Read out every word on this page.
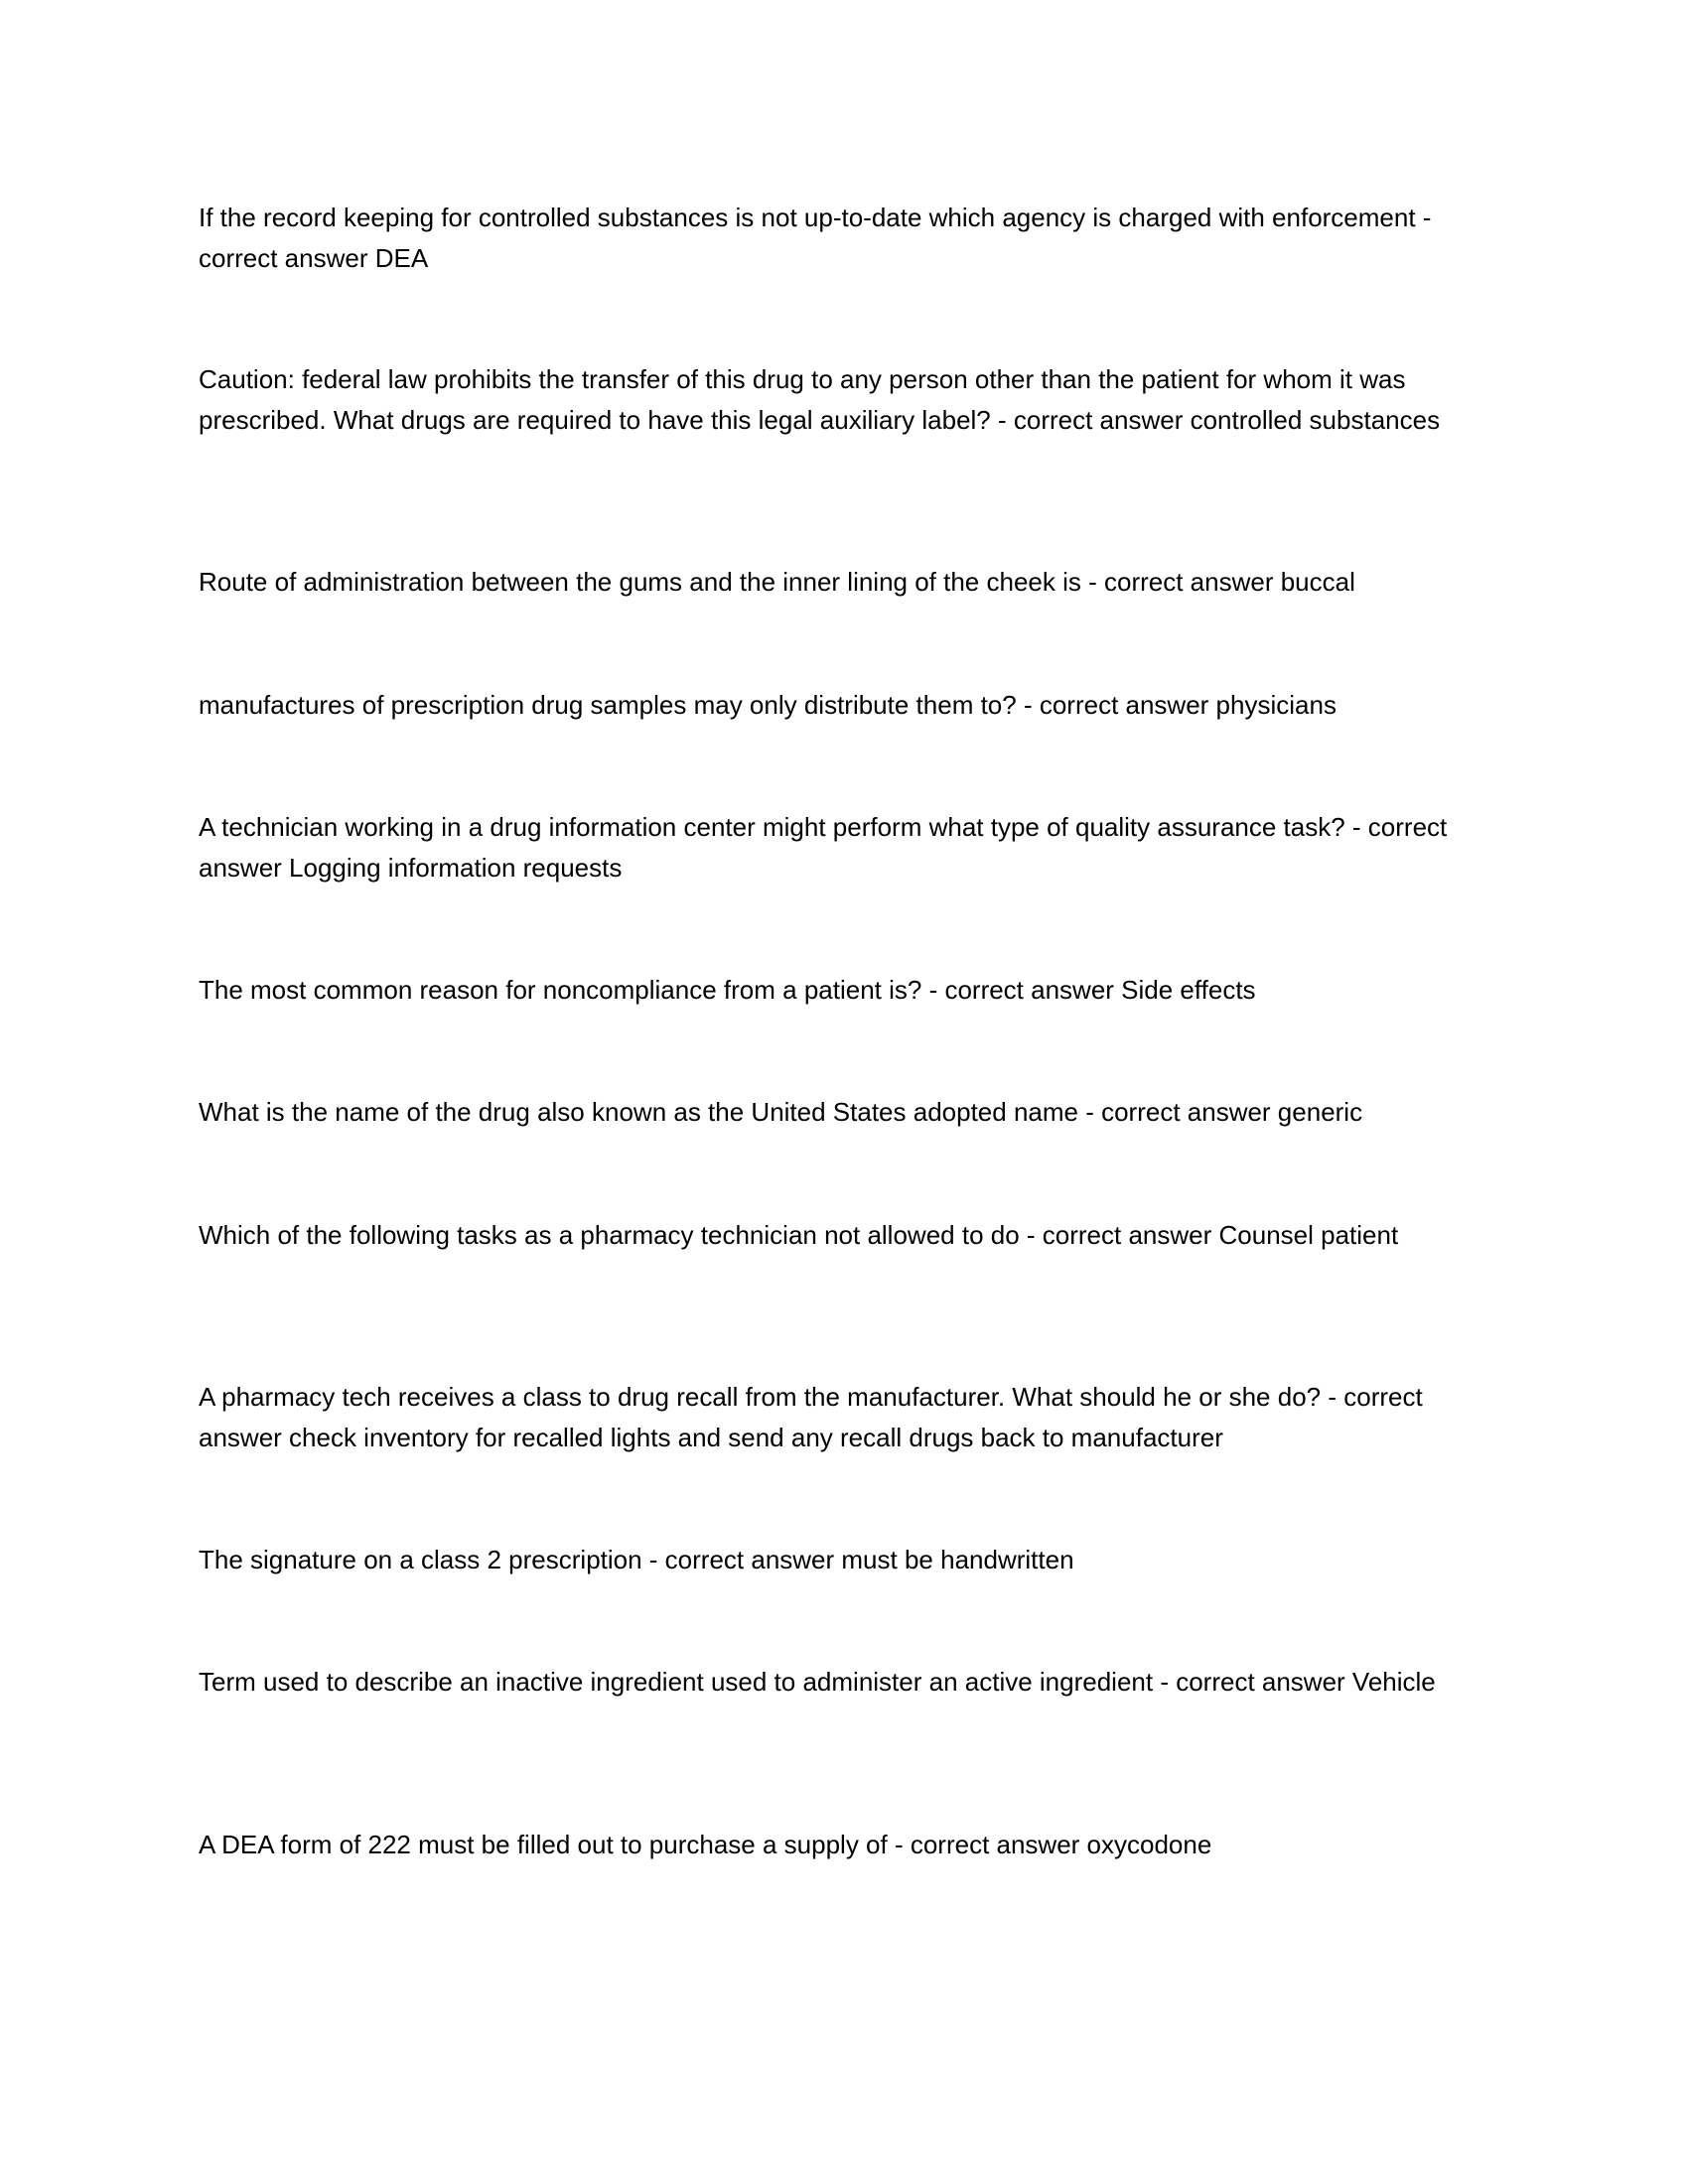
If the record keeping for controlled substances is not up-to-date which agency is charged with enforcement - correct answer DEA

Caution: federal law prohibits the transfer of this drug to any person other than the patient for whom it was prescribed. What drugs are required to have this legal auxiliary label? - correct answer controlled substances

Route of administration between the gums and the inner lining of the cheek is - correct answer buccal

manufactures of prescription drug samples may only distribute them to? - correct answer physicians

A technician working in a drug information center might perform what type of quality assurance task? - correct answer Logging information requests

The most common reason for noncompliance from a patient is? - correct answer Side effects

What is the name of the drug also known as the United States adopted name - correct answer generic

Which of the following tasks as a pharmacy technician not allowed to do - correct answer Counsel patient

A pharmacy tech receives a class to drug recall from the manufacturer. What should he or she do? - correct answer check inventory for recalled lights and send any recall drugs back to manufacturer

The signature on a class 2 prescription - correct answer must be handwritten

Term used to describe an inactive ingredient used to administer an active ingredient - correct answer Vehicle

A DEA form of 222 must be filled out to purchase a supply of - correct answer oxycodone
